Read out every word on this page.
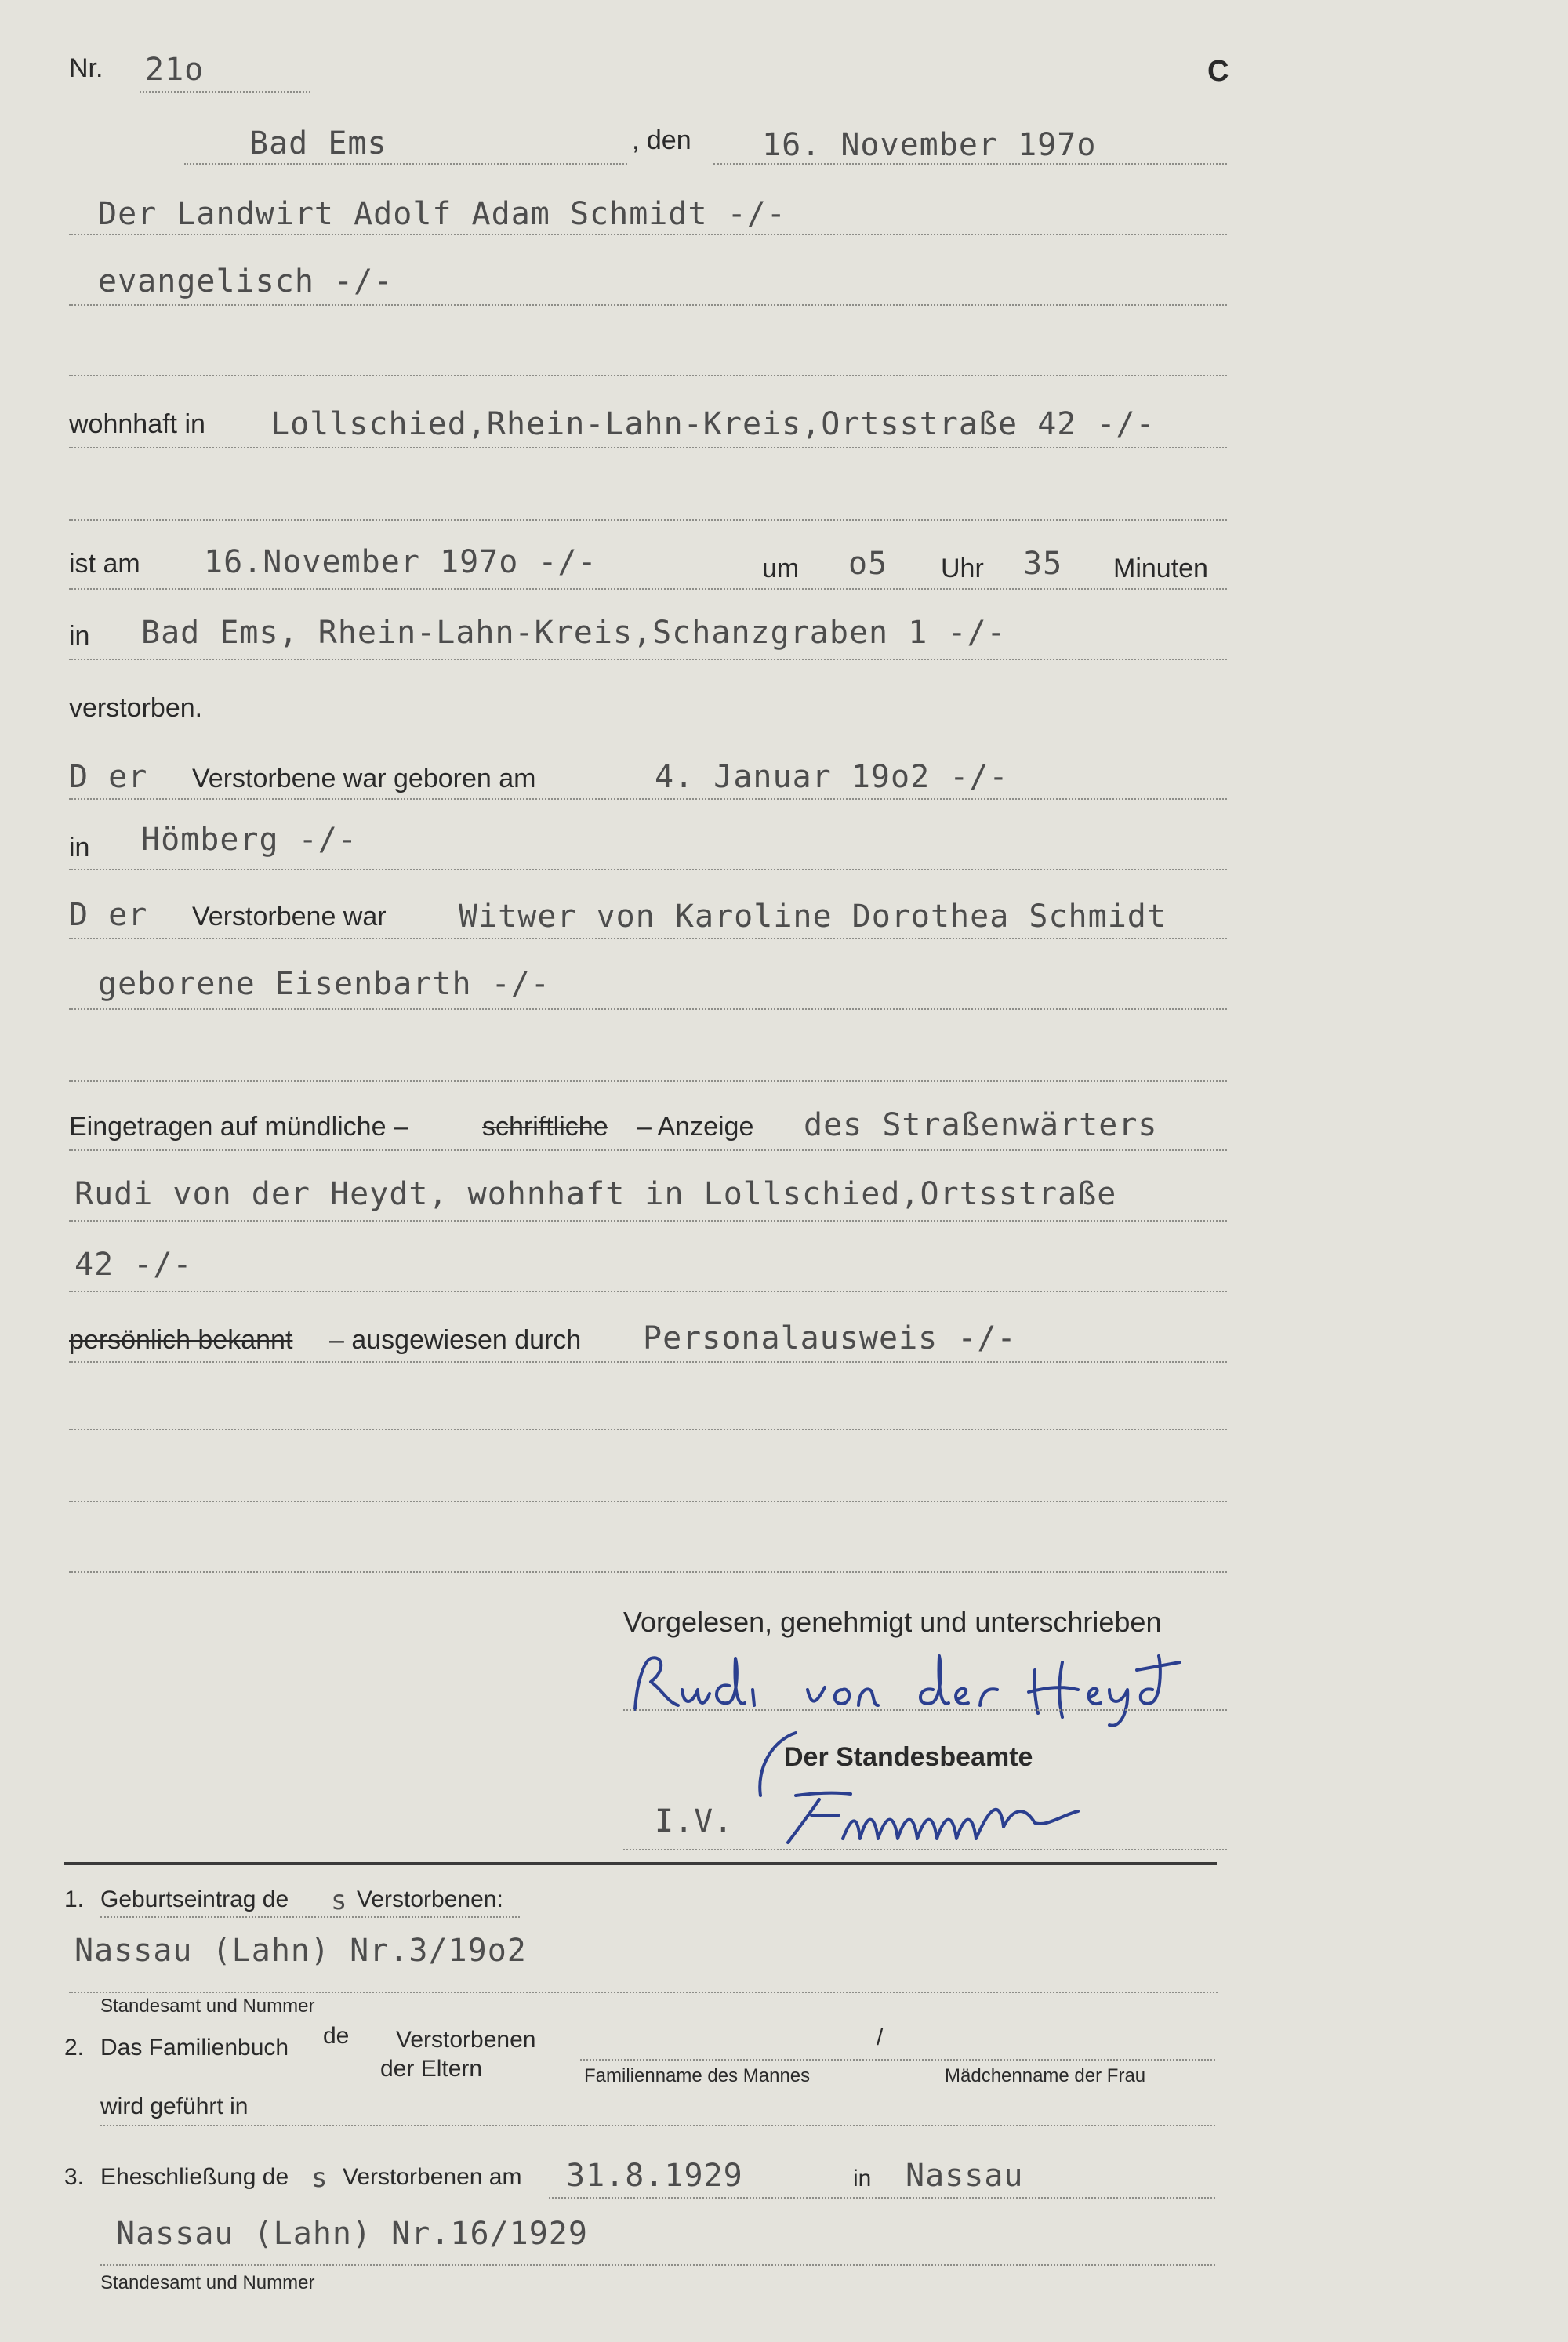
Nr. 21o	C
Bad Ems	, den 16. November 197o
Der Landwirt Adolf Adam Schmidt -/-
evangelisch -/-
wohnhaft in Lollschied,Rhein-Lahn-Kreis,Ortsstraße 42 -/-
ist am 16.November 197o -/-	um o5 Uhr 35 Minuten
in Bad Ems, Rhein-Lahn-Kreis,Schanzgraben 1 -/-
verstorben.
D er Verstorbene war geboren am	4. Januar 19o2 -/-
in Hömberg -/-
D er Verstorbene war Witwer von Karoline Dorothea Schmidt
geborene Eisenbarth -/-
Eingetragen auf mündliche –	schriftliche – Anzeige des Straßenwärters
Rudi von der Heydt, wohnhaft in Lollschied,Ortsstraße
42 -/-
persönlich bekannt – ausgewiesen durch Personalausweis -/-
Vorgelesen, genehmigt und unterschrieben
Der Standesbeamte
I.V.
1. Geburtseintrag de s Verstorbenen:
Nassau (Lahn) Nr.3/19o2
Standesamt und Nummer
2. Das Familienbuch de Verstorbenen
der Eltern
/
Familienname des Mannes	Mädchenname der Frau
wird geführt in
3. Eheschließung de s Verstorbenen am 31.8.1929	in Nassau
Nassau (Lahn) Nr.16/1929
Standesamt und Nummer
